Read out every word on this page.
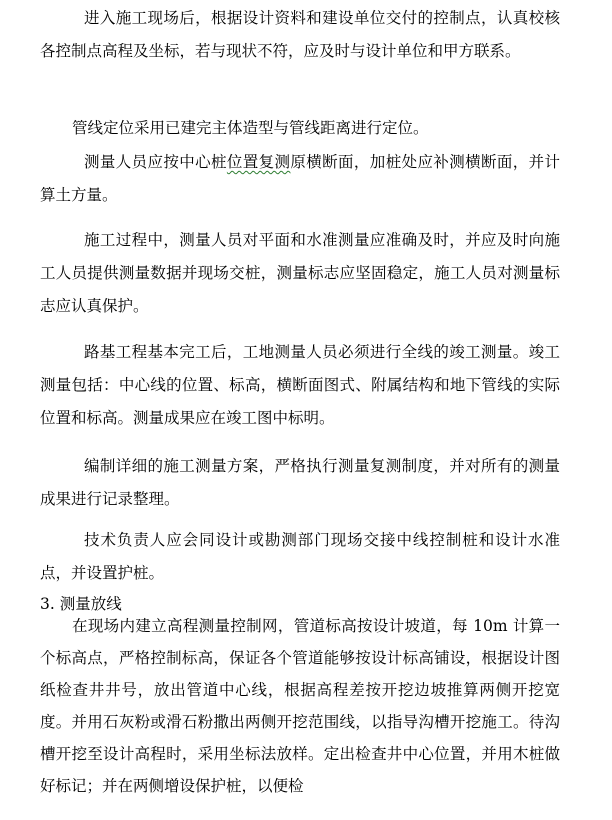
进入施工现场后，根据设计资料和建设单位交付的控制点，认真校核各控制点高程及坐标，若与现状不符，应及时与设计单位和甲方联系。

管线定位采用已建完主体造型与管线距离进行定位。

测量人员应按中心桩位置复测原横断面，加桩处应补测横断面，并计算土方量。

施工过程中，测量人员对平面和水准测量应准确及时，并应及时向施工人员提供测量数据并现场交桩，测量标志应坚固稳定，施工人员对测量标志应认真保护。

路基工程基本完工后，工地测量人员必须进行全线的竣工测量。竣工测量包括：中心线的位置、标高，横断面图式、附属结构和地下管线的实际位置和标高。测量成果应在竣工图中标明。

编制详细的施工测量方案，严格执行测量复测制度，并对所有的测量成果进行记录整理。

技术负责人应会同设计或勘测部门现场交接中线控制桩和设计水准点，并设置护桩。

3. 测量放线

在现场内建立高程测量控制网，管道标高按设计坡道，每 10m 计算一个标高点，严格控制标高，保证各个管道能够按设计标高铺设，根据设计图纸检查井井号，放出管道中心线，根据高程差按开挖边坡推算两侧开挖宽度。并用石灰粉或滑石粉撒出两侧开挖范围线，以指导沟槽开挖施工。待沟槽开挖至设计高程时，采用坐标法放样。定出检查井中心位置，并用木桩做好标记；并在两侧增设保护桩，以便检
